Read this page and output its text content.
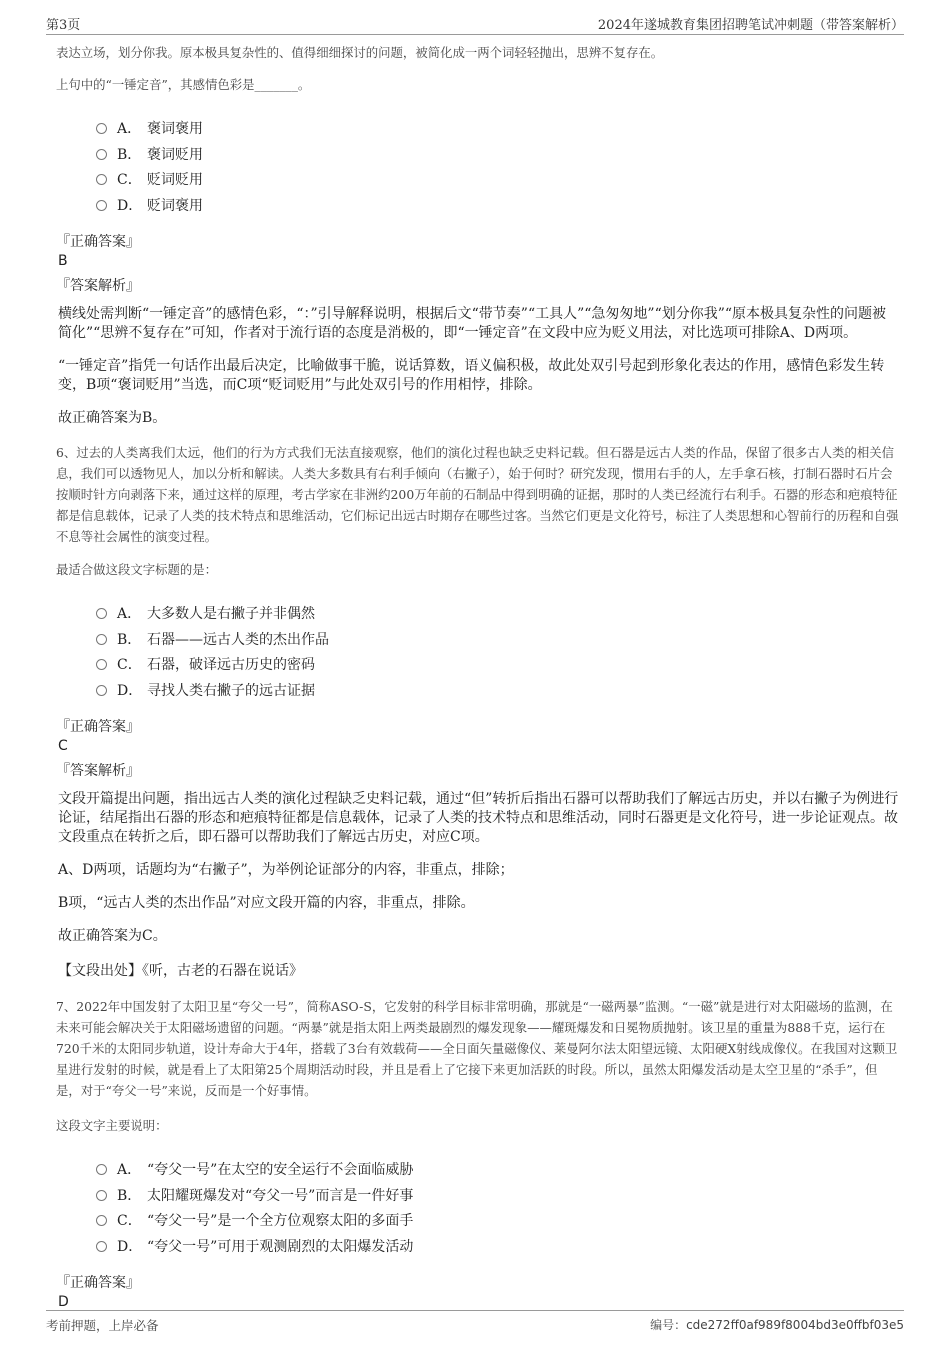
第3页	2024年遂城教育集团招聘笔试冲刺题（带答案解析）

表达立场，划分你我。原本极具复杂性的、值得细细探讨的问题，被简化成一两个词轻轻抛出，思辨不复存在。

上句中的“一锤定音”，其感情色彩是_______。

A． 褒词褒用
B． 褒词贬用
C． 贬词贬用
D． 贬词褒用

『正确答案』

B

『答案解析』

横线处需判断“一锤定音”的感情色彩，“：”引导解释说明，根据后文“带节奏”“工具人”“急匆匆地”“划分你我”“原本极具复杂性的问题被简化”“思辨不复存在”可知，作者对于流行语的态度是消极的，即“一锤定音”在文段中应为贬义用法，对比选项可排除A、D两项。

“一锤定音”指凭一句话作出最后决定，比喻做事干脆，说话算数，语义偏积极，故此处双引号起到形象化表达的作用，感情色彩发生转变，B项“褒词贬用”当选，而C项“贬词贬用”与此处双引号的作用相悖，排除。

故正确答案为B。

6、过去的人类离我们太远，他们的行为方式我们无法直接观察，他们的演化过程也缺乏史料记载。但石器是远古人类的作品，保留了很多古人类的相关信息，我们可以透物见人，加以分析和解读。人类大多数具有右利手倾向（右撇子），始于何时？研究发现，惯用右手的人，左手拿石核，打制石器时石片会按顺时针方向剥落下来，通过这样的原理，考古学家在非洲约200万年前的石制品中得到明确的证据，那时的人类已经流行右利手。石器的形态和疤痕特征都是信息载体，记录了人类的技术特点和思维活动，它们标记出远古时期存在哪些过客。当然它们更是文化符号，标注了人类思想和心智前行的历程和自强不息等社会属性的演变过程。

最适合做这段文字标题的是：

A． 大多数人是右撇子并非偶然
B． 石器——远古人类的杰出作品
C． 石器，破译远古历史的密码
D． 寻找人类右撇子的远古证据

『正确答案』

C

『答案解析』

文段开篇提出问题，指出远古人类的演化过程缺乏史料记载，通过“但”转折后指出石器可以帮助我们了解远古历史，并以右撇子为例进行论证，结尾指出石器的形态和疤痕特征都是信息载体，记录了人类的技术特点和思维活动，同时石器更是文化符号，进一步论证观点。故文段重点在转折之后，即石器可以帮助我们了解远古历史，对应C项。

A、D两项，话题均为“右撇子”，为举例论证部分的内容，非重点，排除；

B项，“远古人类的杰出作品”对应文段开篇的内容，非重点，排除。

故正确答案为C。

【文段出处】《听，古老的石器在说话》

7、2022年中国发射了太阳卫星“夸父一号”，简称ASO-S，它发射的科学目标非常明确，那就是“一磁两暴”监测。“一磁”就是进行对太阳磁场的监测，在未来可能会解决关于太阳磁场遗留的问题。“两暴”就是指太阳上两类最剧烈的爆发现象——耀斑爆发和日冕物质抛射。该卫星的重量为888千克，运行在720千米的太阳同步轨道，设计寿命大于4年，搭载了3台有效载荷——全日面矢量磁像仪、莱曼阿尔法太阳望远镜、太阳硬X射线成像仪。在我国对这颗卫星进行发射的时候，就是看上了太阳第25个周期活动时段，并且是看上了它接下来更加活跃的时段。所以，虽然太阳爆发活动是太空卫星的“杀手”，但是，对于“夸父一号”来说，反而是一个好事情。

这段文字主要说明：

A． “夸父一号”在太空的安全运行不会面临威胁
B． 太阳耀斑爆发对“夸父一号”而言是一件好事
C． “夸父一号”是一个全方位观察太阳的多面手
D． “夸父一号”可用于观测剧烈的太阳爆发活动

『正确答案』

D

考前押题，上岸必备	编号：cde272ff0af989f8004bd3e0ffbf03e5
